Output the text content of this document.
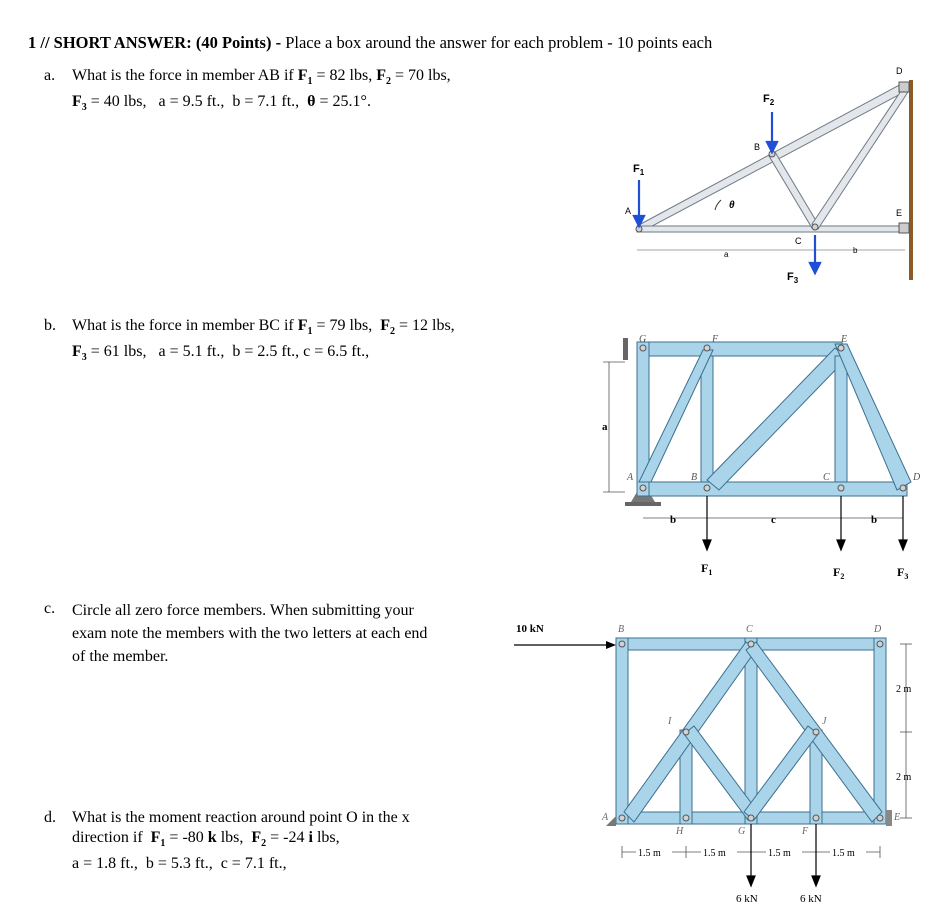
1 // SHORT ANSWER: (40 Points) - Place a box around the answer for each problem - 10 points each
a. What is the force in member AB if $F_1 = 82$ lbs, $F_2 = 70$ lbs,
$F_3 = 40$ lbs,   a = 9.5 ft.,  b = 7.1 ft.,  θ = 25.1°.
A
B
C
D
E
θ
a	b
$F_1$
$F_2$
$F_3$
b. What is the force in member BC if $F_1 = 79$ lbs,  $F_2 = 12$ lbs,
$F_3 = 61$ lbs,   a = 5.1 ft.,  b = 2.5 ft., c = 6.5 ft.,
a
G	F	E
A	B	C	D
b	c	b
$F_1$	$F_2$	$F_3$
c. Circle all zero force members. When submitting your
exam note the members with the two letters at each end
of the member.
10 kN	B	C	D
I	J
A	E
H	G	F
2 m
2 m
1.5 m	1.5 m	1.5 m	1.5 m
6 kN	6 kN
d. What is the moment reaction around point O in the x
direction if  $F_1 = -80$ k lbs,  $F_2 = -24$ i lbs,
a = 1.8 ft.,  b = 5.3 ft.,  c = 7.1 ft.,
